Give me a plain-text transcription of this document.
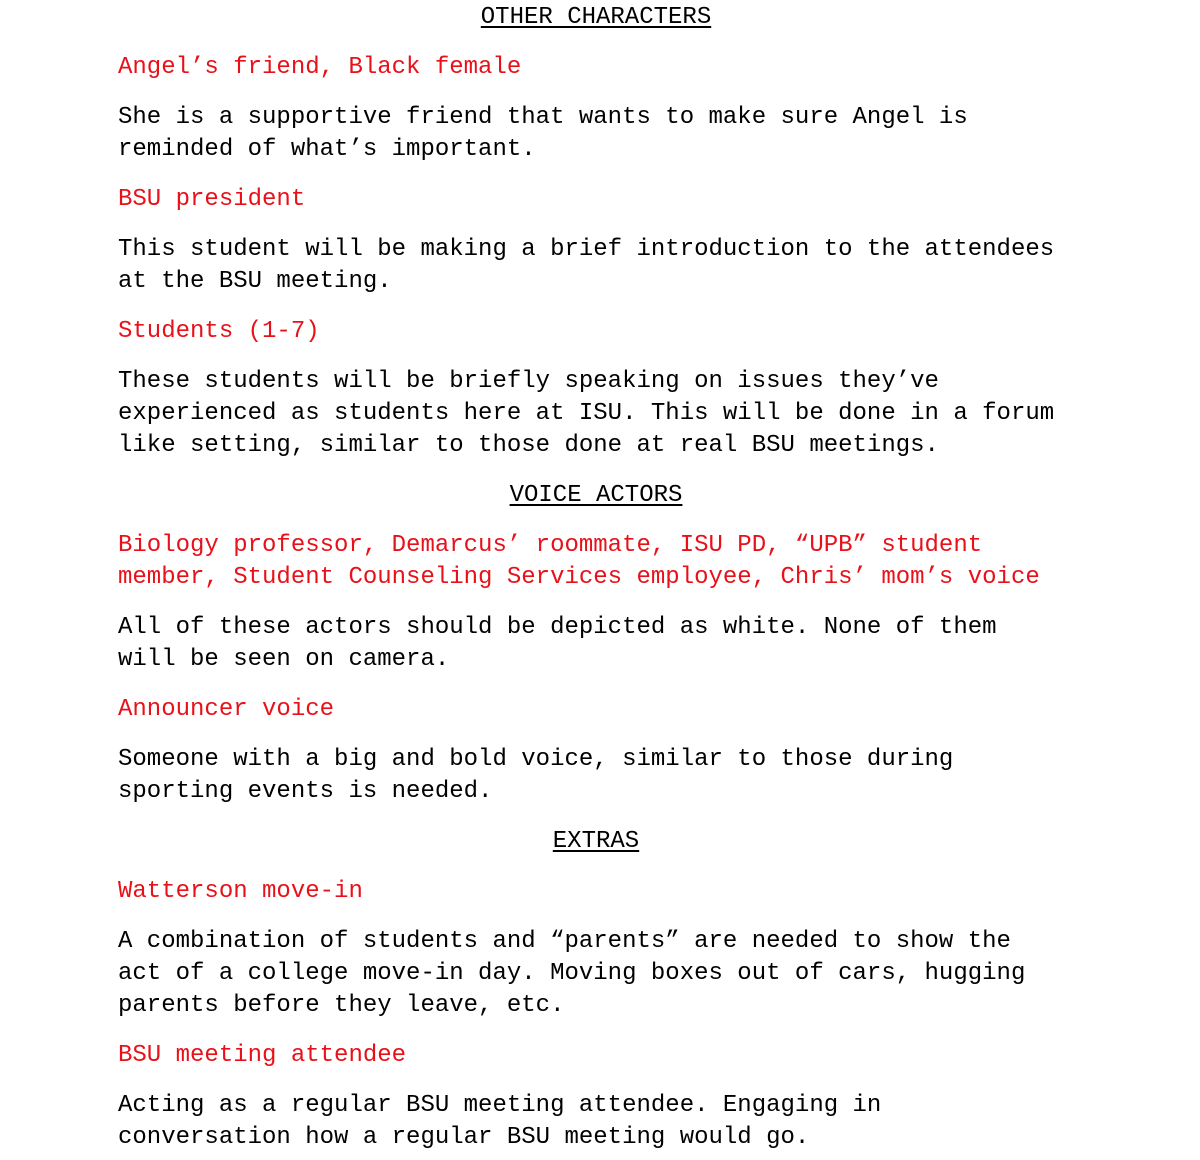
OTHER CHARACTERS

Angel’s friend, Black female

She is a supportive friend that wants to make sure Angel is

reminded of what’s important.

BSU president

This student will be making a brief introduction to the attendees

at the BSU meeting.

Students (1-7)

These students will be briefly speaking on issues they’ve

experienced as students here at ISU. This will be done in a forum

like setting, similar to those done at real BSU meetings.

VOICE ACTORS

Biology professor, Demarcus’ roommate, ISU PD, “UPB” student

member, Student Counseling Services employee, Chris’ mom’s voice

All of these actors should be depicted as white. None of them

will be seen on camera.

Announcer voice

Someone with a big and bold voice, similar to those during

sporting events is needed.

EXTRAS

Watterson move-in

A combination of students and “parents” are needed to show the

act of a college move-in day. Moving boxes out of cars, hugging

parents before they leave, etc.

BSU meeting attendee

Acting as a regular BSU meeting attendee. Engaging in

conversation how a regular BSU meeting would go.
